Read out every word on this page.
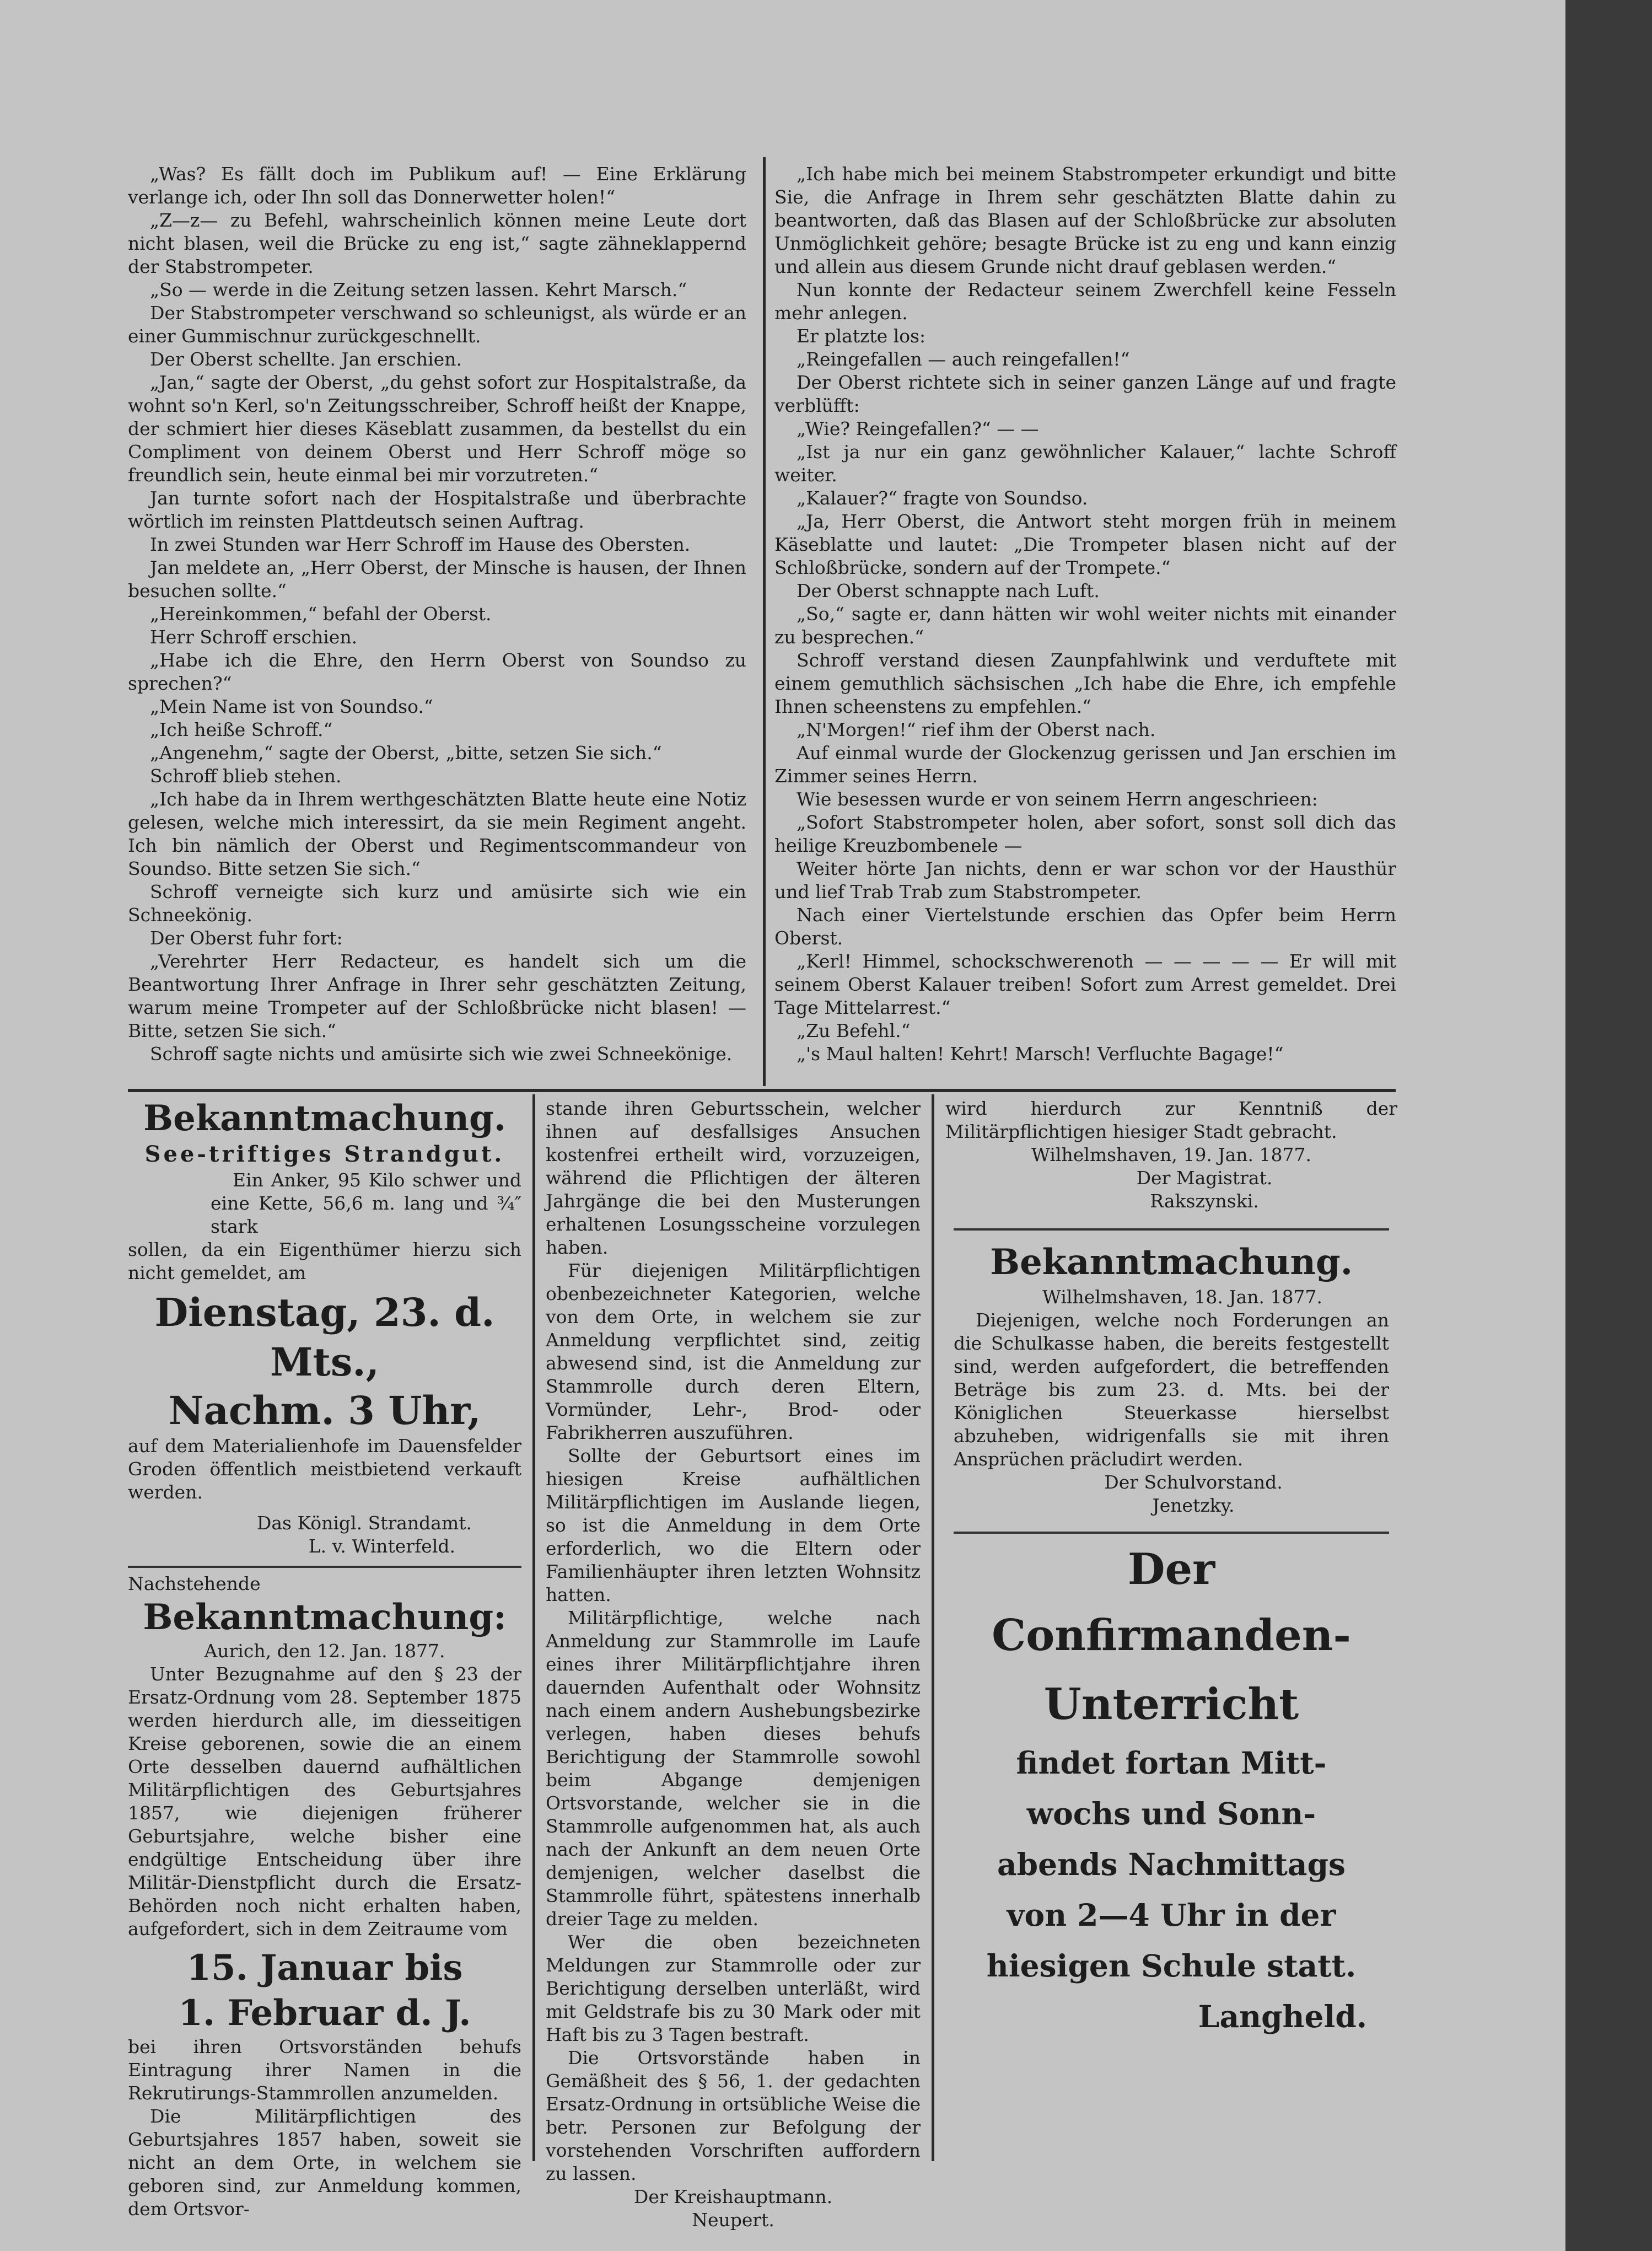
„Was? Es fällt doch im Publikum auf! — Eine Erklärung verlange ich, oder Ihn soll das Donnerwetter holen!“

„Z—z— zu Befehl, wahrscheinlich können meine Leute dort nicht blasen, weil die Brücke zu eng ist,“ sagte zähneklappernd der Stabstrompeter.

„So — werde in die Zeitung setzen lassen. Kehrt Marsch.“

Der Stabstrompeter verschwand so schleunigst, als würde er an einer Gummischnur zurückgeschnellt.

Der Oberst schellte. Jan erschien.

„Jan,“ sagte der Oberst, „du gehst sofort zur Hospitalstraße, da wohnt so'n Kerl, so'n Zeitungsschreiber, Schroff heißt der Knappe, der schmiert hier dieses Käseblatt zusammen, da bestellst du ein Compliment von deinem Oberst und Herr Schroff möge so freundlich sein, heute einmal bei mir vorzutreten.“

Jan turnte sofort nach der Hospitalstraße und überbrachte wörtlich im reinsten Plattdeutsch seinen Auftrag.

In zwei Stunden war Herr Schroff im Hause des Obersten.

Jan meldete an, „Herr Oberst, der Minsche is hausen, der Ihnen besuchen sollte.“

„Hereinkommen,“ befahl der Oberst.

Herr Schroff erschien.

„Habe ich die Ehre, den Herrn Oberst von Soundso zu sprechen?“

„Mein Name ist von Soundso.“

„Ich heiße Schroff.“

„Angenehm,“ sagte der Oberst, „bitte, setzen Sie sich.“

Schroff blieb stehen.

„Ich habe da in Ihrem werthgeschätzten Blatte heute eine Notiz gelesen, welche mich interessirt, da sie mein Regiment angeht. Ich bin nämlich der Oberst und Regimentscommandeur von Soundso. Bitte setzen Sie sich.“

Schroff verneigte sich kurz und amüsirte sich wie ein Schneekönig.

Der Oberst fuhr fort:

„Verehrter Herr Redacteur, es handelt sich um die Beantwortung Ihrer Anfrage in Ihrer sehr geschätzten Zeitung, warum meine Trompeter auf der Schloßbrücke nicht blasen! — Bitte, setzen Sie sich.“

Schroff sagte nichts und amüsirte sich wie zwei Schneekönige.

„Ich habe mich bei meinem Stabstrompeter erkundigt und bitte Sie, die Anfrage in Ihrem sehr geschätzten Blatte dahin zu beantworten, daß das Blasen auf der Schloßbrücke zur absoluten Unmöglichkeit gehöre; besagte Brücke ist zu eng und kann einzig und allein aus diesem Grunde nicht drauf geblasen werden.“

Nun konnte der Redacteur seinem Zwerchfell keine Fesseln mehr anlegen.

Er platzte los:

„Reingefallen — auch reingefallen!“

Der Oberst richtete sich in seiner ganzen Länge auf und fragte verblüfft:

„Wie? Reingefallen?“ — —

„Ist ja nur ein ganz gewöhnlicher Kalauer,“ lachte Schroff weiter.

„Kalauer?“ fragte von Soundso.

„Ja, Herr Oberst, die Antwort steht morgen früh in meinem Käseblatte und lautet: „Die Trompeter blasen nicht auf der Schloßbrücke, sondern auf der Trompete.“

Der Oberst schnappte nach Luft.

„So,“ sagte er, dann hätten wir wohl weiter nichts mit einander zu besprechen.“

Schroff verstand diesen Zaunpfahlwink und verduftete mit einem gemuthlich sächsischen „Ich habe die Ehre, ich empfehle Ihnen scheenstens zu empfehlen.“

„N'Morgen!“ rief ihm der Oberst nach.

Auf einmal wurde der Glockenzug gerissen und Jan erschien im Zimmer seines Herrn.

Wie besessen wurde er von seinem Herrn angeschrieen:

„Sofort Stabstrompeter holen, aber sofort, sonst soll dich das heilige Kreuzbombenele —

Weiter hörte Jan nichts, denn er war schon vor der Hausthür und lief Trab Trab zum Stabstrompeter.

Nach einer Viertelstunde erschien das Opfer beim Herrn Oberst.

„Kerl! Himmel, schockschwerenoth — — — — — Er will mit seinem Oberst Kalauer treiben! Sofort zum Arrest gemeldet. Drei Tage Mittelarrest.“

„Zu Befehl.“

„'s Maul halten! Kehrt! Marsch! Verfluchte Bagage!“

Bekanntmachung.
See-triftiges Strandgut.

Ein Anker, 95 Kilo schwer und eine Kette, 56,6 m. lang und ¾″ stark

sollen, da ein Eigenthümer hierzu sich nicht gemeldet, am

Dienstag, 23. d. Mts.,
Nachm. 3 Uhr,

auf dem Materialienhofe im Dauensfelder Groden öffentlich meistbietend verkauft werden.

Das Königl. Strandamt.

L. v. Winterfeld.

Nachstehende

Bekanntmachung:

Aurich, den 12. Jan. 1877.

Unter Bezugnahme auf den § 23 der Ersatz-Ordnung vom 28. September 1875 werden hierdurch alle, im diesseitigen Kreise geborenen, sowie die an einem Orte desselben dauernd aufhältlichen Militärpflichtigen des Geburtsjahres 1857, wie diejenigen früherer Geburtsjahre, welche bisher eine endgültige Entscheidung über ihre Militär-Dienstpflicht durch die Ersatz-Behörden noch nicht erhalten haben, aufgefordert, sich in dem Zeitraume vom

15. Januar bis
1. Februar d. J.

bei ihren Ortsvorständen behufs Eintragung ihrer Namen in die Rekrutirungs-Stammrollen anzumelden.

Die Militärpflichtigen des Geburtsjahres 1857 haben, soweit sie nicht an dem Orte, in welchem sie geboren sind, zur Anmeldung kommen, dem Ortsvor-

stande ihren Geburtsschein, welcher ihnen auf desfallsiges Ansuchen kostenfrei ertheilt wird, vorzuzeigen, während die Pflichtigen der älteren Jahrgänge die bei den Musterungen erhaltenen Losungsscheine vorzulegen haben.

Für diejenigen Militärpflichtigen obenbezeichneter Kategorien, welche von dem Orte, in welchem sie zur Anmeldung verpflichtet sind, zeitig abwesend sind, ist die Anmeldung zur Stammrolle durch deren Eltern, Vormünder, Lehr-, Brod- oder Fabrikherren auszuführen.

Sollte der Geburtsort eines im hiesigen Kreise aufhältlichen Militärpflichtigen im Auslande liegen, so ist die Anmeldung in dem Orte erforderlich, wo die Eltern oder Familienhäupter ihren letzten Wohnsitz hatten.

Militärpflichtige, welche nach Anmeldung zur Stammrolle im Laufe eines ihrer Militärpflichtjahre ihren dauernden Aufenthalt oder Wohnsitz nach einem andern Aushebungsbezirke verlegen, haben dieses behufs Berichtigung der Stammrolle sowohl beim Abgange demjenigen Ortsvorstande, welcher sie in die Stammrolle aufgenommen hat, als auch nach der Ankunft an dem neuen Orte demjenigen, welcher daselbst die Stammrolle führt, spätestens innerhalb dreier Tage zu melden.

Wer die oben bezeichneten Meldungen zur Stammrolle oder zur Berichtigung derselben unterläßt, wird mit Geldstrafe bis zu 30 Mark oder mit Haft bis zu 3 Tagen bestraft.

Die Ortsvorstände haben in Gemäßheit des § 56, 1. der gedachten Ersatz-Ordnung in ortsübliche Weise die betr. Personen zur Befolgung der vorstehenden Vorschriften auffordern zu lassen.

Der Kreishauptmann.

Neupert.

wird hierdurch zur Kenntniß der Militärpflichtigen hiesiger Stadt gebracht.

Wilhelmshaven, 19. Jan. 1877.

Der Magistrat.

Rakszynski.

Bekanntmachung.

Wilhelmshaven, 18. Jan. 1877.

Diejenigen, welche noch Forderungen an die Schulkasse haben, die bereits festgestellt sind, werden aufgefordert, die betreffenden Beträge bis zum 23. d. Mts. bei der Königlichen Steuerkasse hierselbst abzuheben, widrigenfalls sie mit ihren Ansprüchen präcludirt werden.

Der Schulvorstand.

Jenetzky.

Der
Confirmanden-
Unterricht
findet fortan Mitt-
wochs und Sonn-
abends Nachmittags
von 2—4 Uhr in der
hiesigen Schule statt.
Langheld.
